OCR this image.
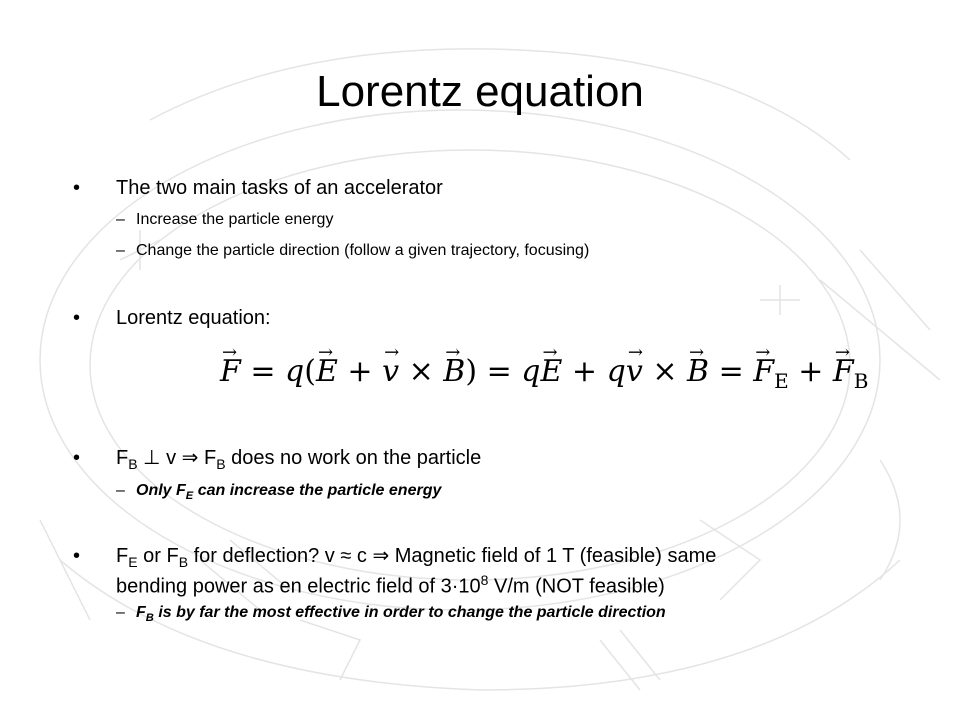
Lorentz equation
• The two main tasks of an accelerator
– Increase the particle energy
– Change the particle direction (follow a given trajectory, focusing)
• Lorentz equation:
→ F = q(→ E + → v × → B) = q→ E + q→ v × → B = → $F_E$ + → $F_B$
• $F_B$ ⊥ v ⇒ $F_B$ does no work on the particle
– Only $F_E$ can increase the particle energy
• $F_E$ or $F_B$ for deflection? v ≈ c ⇒ Magnetic field of 1 T (feasible) same
bending power as en electric field of $3\cdot 10^8$ V/m (NOT feasible)
– $F_B$ is by far the most effective in order to change the particle direction
